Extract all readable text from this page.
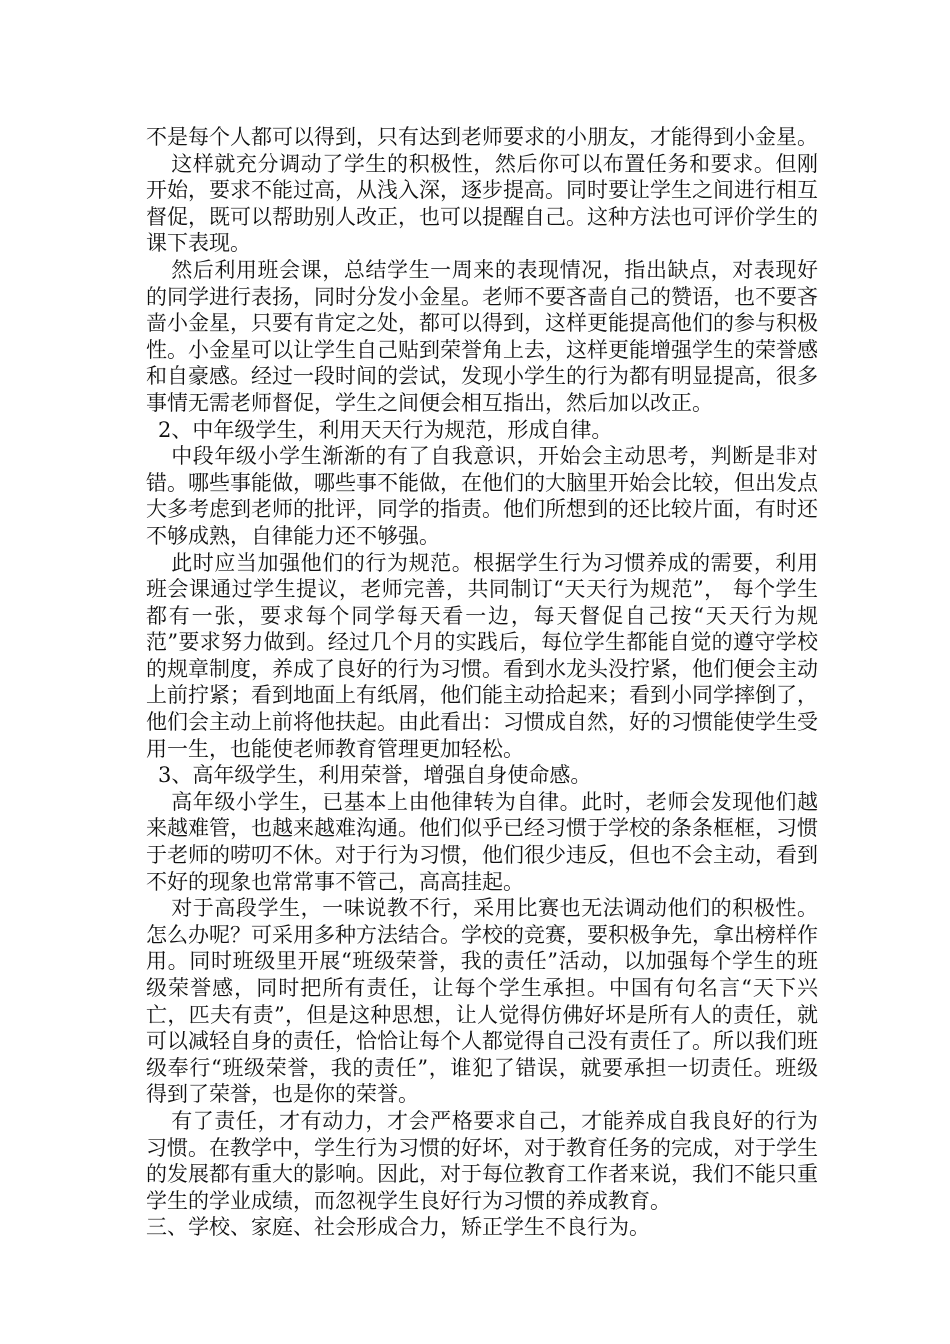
不是每个人都可以得到，只有达到老师要求的小朋友，才能得到小金星。

这样就充分调动了学生的积极性，然后你可以布置任务和要求。但刚开始，要求不能过高，从浅入深，逐步提高。同时要让学生之间进行相互督促，既可以帮助别人改正，也可以提醒自己。这种方法也可评价学生的课下表现。

然后利用班会课，总结学生一周来的表现情况，指出缺点，对表现好的同学进行表扬，同时分发小金星。老师不要吝啬自己的赞语，也不要吝啬小金星，只要有肯定之处，都可以得到，这样更能提高他们的参与积极性。小金星可以让学生自己贴到荣誉角上去，这样更能增强学生的荣誉感和自豪感。经过一段时间的尝试，发现小学生的行为都有明显提高，很多事情无需老师督促，学生之间便会相互指出，然后加以改正。

2、中年级学生，利用天天行为规范，形成自律。

中段年级小学生渐渐的有了自我意识，开始会主动思考，判断是非对错。哪些事能做，哪些事不能做，在他们的大脑里开始会比较，但出发点大多考虑到老师的批评，同学的指责。他们所想到的还比较片面，有时还不够成熟，自律能力还不够强。

此时应当加强他们的行为规范。根据学生行为习惯养成的需要，利用班会课通过学生提议，老师完善，共同制订“天天行为规范”， 每个学生都有一张，要求每个同学每天看一边，每天督促自己按“天天行为规范”要求努力做到。经过几个月的实践后，每位学生都能自觉的遵守学校的规章制度，养成了良好的行为习惯。看到水龙头没拧紧，他们便会主动上前拧紧；看到地面上有纸屑，他们能主动拾起来；看到小同学摔倒了，他们会主动上前将他扶起。由此看出：习惯成自然，好的习惯能使学生受用一生，也能使老师教育管理更加轻松。

3、高年级学生，利用荣誉，增强自身使命感。

高年级小学生，已基本上由他律转为自律。此时，老师会发现他们越来越难管，也越来越难沟通。他们似乎已经习惯于学校的条条框框，习惯于老师的唠叨不休。对于行为习惯，他们很少违反，但也不会主动，看到不好的现象也常常事不管己，高高挂起。

对于高段学生，一味说教不行，采用比赛也无法调动他们的积极性。怎么办呢？可采用多种方法结合。学校的竞赛，要积极争先，拿出榜样作用。同时班级里开展“班级荣誉，我的责任”活动，以加强每个学生的班级荣誉感，同时把所有责任，让每个学生承担。中国有句名言“天下兴亡，匹夫有责”，但是这种思想，让人觉得仿佛好坏是所有人的责任，就可以减轻自身的责任，恰恰让每个人都觉得自己没有责任了。所以我们班级奉行“班级荣誉，我的责任”，谁犯了错误，就要承担一切责任。班级得到了荣誉，也是你的荣誉。

有了责任，才有动力，才会严格要求自己，才能养成自我良好的行为习惯。在教学中，学生行为习惯的好坏，对于教育任务的完成，对于学生的发展都有重大的影响。因此，对于每位教育工作者来说，我们不能只重学生的学业成绩，而忽视学生良好行为习惯的养成教育。

三、学校、家庭、社会形成合力，矫正学生不良行为。
